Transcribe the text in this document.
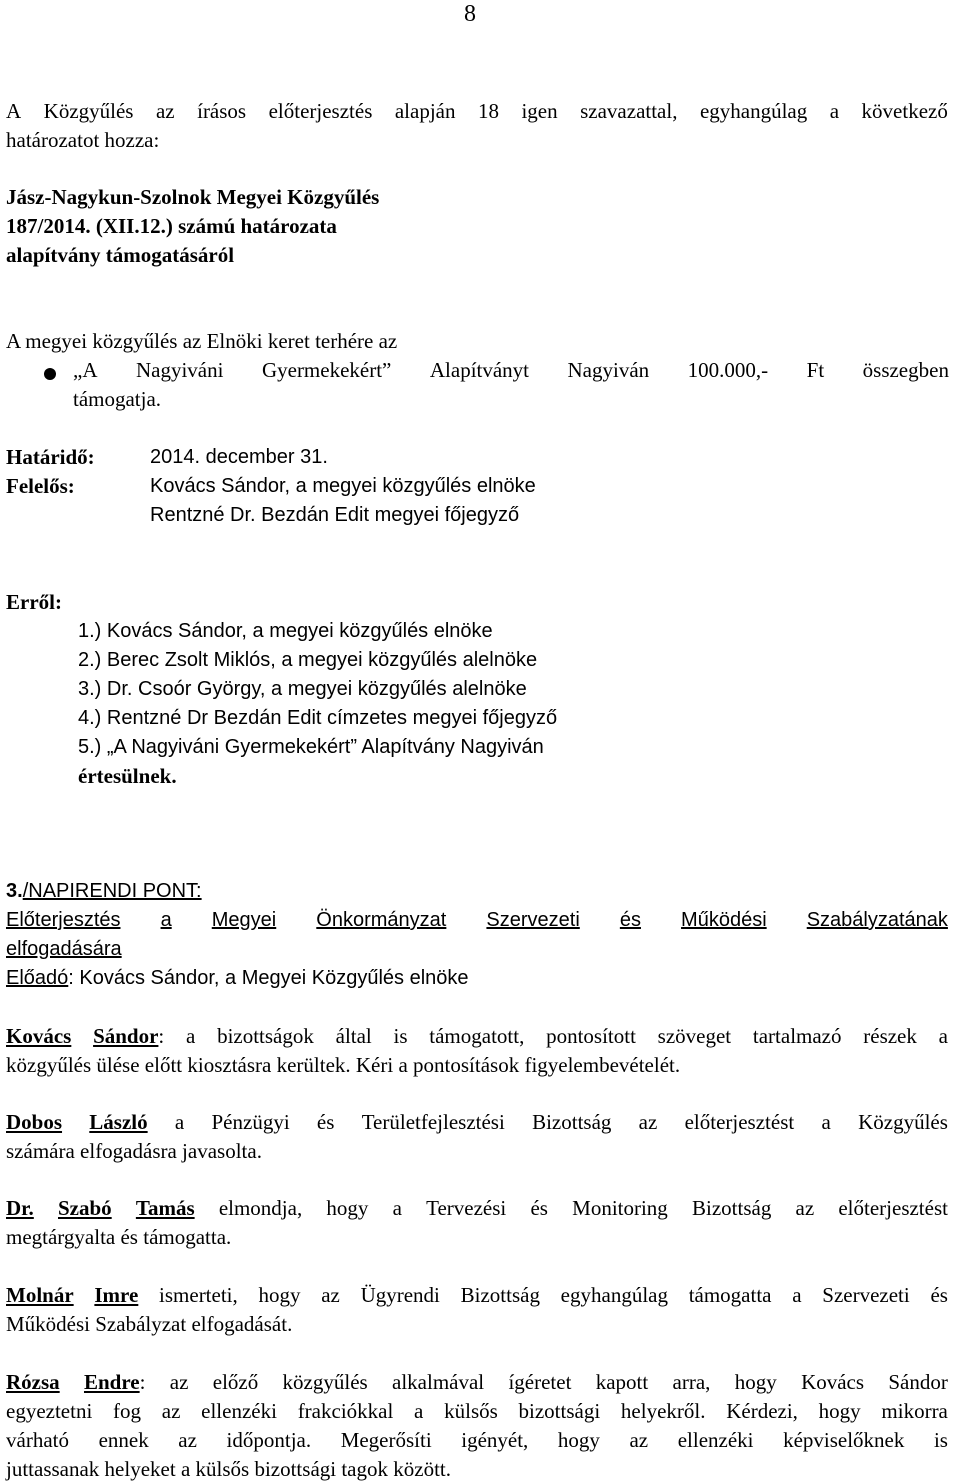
8
A Közgyűlés az írásos előterjesztés alapján 18 igen szavazattal, egyhangúlag a következő
határozatot hozza:
Jász-Nagykun-Szolnok Megyei Közgyűlés
187/2014. (XII.12.) számú határozata
alapítvány támogatásáról
A megyei közgyűlés az Elnöki keret terhére az
„A Nagyiváni Gyermekekért” Alapítványt Nagyiván 100.000,- Ft összegben
támogatja.
Határidő:	2014. december 31.
Felelős:	Kovács Sándor, a megyei közgyűlés elnöke
Rentzné Dr. Bezdán Edit megyei főjegyző
Erről:
1.) Kovács Sándor, a megyei közgyűlés elnöke
2.) Berec Zsolt Miklós, a megyei közgyűlés alelnöke
3.) Dr. Csoór György, a megyei közgyűlés alelnöke
4.) Rentzné Dr Bezdán Edit címzetes megyei főjegyző
5.) „A Nagyiváni Gyermekekért” Alapítvány Nagyiván
értesülnek.
3./NAPIRENDI PONT:
Előterjesztés a Megyei Önkormányzat Szervezeti és Működési Szabályzatának
elfogadására
Előadó: Kovács Sándor, a Megyei Közgyűlés elnöke
Kovács Sándor: a bizottságok által is támogatott, pontosított szöveget tartalmazó részek a
közgyűlés ülése előtt kiosztásra kerültek. Kéri a pontosítások figyelembevételét.
Dobos László a Pénzügyi és Területfejlesztési Bizottság az előterjesztést a Közgyűlés
számára elfogadásra javasolta.
Dr. Szabó Tamás elmondja, hogy a Tervezési és Monitoring Bizottság az előterjesztést
megtárgyalta és támogatta.
Molnár Imre ismerteti, hogy az Ügyrendi Bizottság egyhangúlag támogatta a Szervezeti és
Működési Szabályzat elfogadását.
Rózsa Endre: az előző közgyűlés alkalmával ígéretet kapott arra, hogy Kovács Sándor
egyeztetni fog az ellenzéki frakciókkal a külsős bizottsági helyekről. Kérdezi, hogy mikorra
várható ennek az időpontja. Megerősíti igényét, hogy az ellenzéki képviselőknek is
juttassanak helyeket a külsős bizottsági tagok között.
